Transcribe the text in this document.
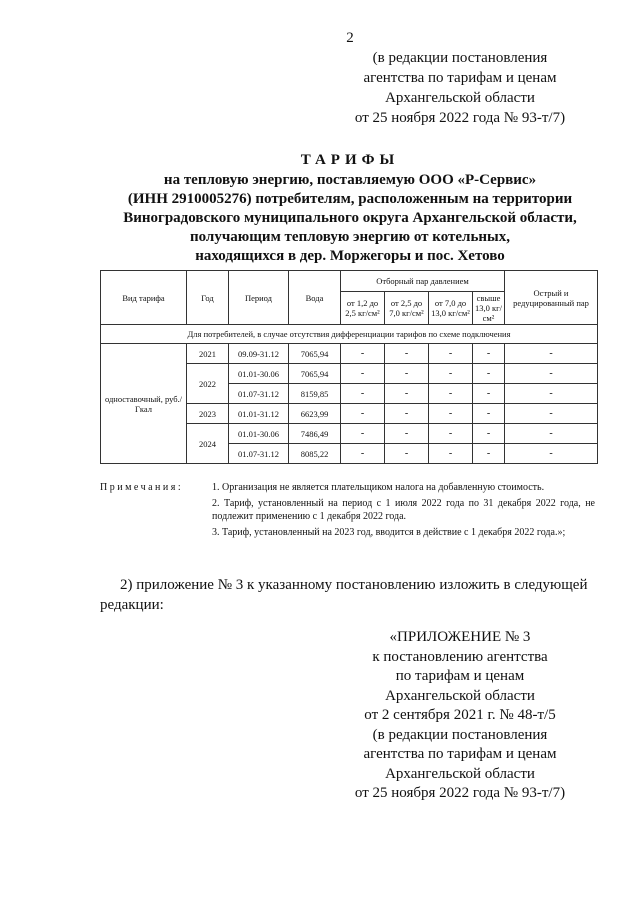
2
(в редакции постановления
агентства по тарифам и ценам
Архангельской области
от 25 ноября 2022 года № 93-т/7)
ТАРИФЫ
на тепловую энергию, поставляемую ООО «Р-Сервис»
(ИНН 2910005276) потребителям, расположенным на территории
Виноградовского муниципального округа Архангельской области,
получающим тепловую энергию от котельных,
находящихся в дер. Моржегоры и пос. Хетово
Вид тарифа	Год	Период	Вода	Отборный пар давлением				Острый и редуцированный пар
				от 1,2 до 2,5 кг/см²	от 2,5 до 7,0 кг/см²	от 7,0 до 13,0 кг/см²	свыше 13,0 кг/см²	
Для потребителей, в случае отсутствия дифференциации тарифов по схеме подключения								
одноставочный, руб./Гкал	2021	09.09-31.12	7065,94	-	-	-	-	-
	2022	01.01-30.06	7065,94	-	-	-	-	-
		01.07-31.12	8159,85	-	-	-	-	-
	2023	01.01-31.12	6623,99	-	-	-	-	-
	2024	01.01-30.06	7486,49	-	-	-	-	-
		01.07-31.12	8085,22	-	-	-	-	-
Примечания:	1. Организация не является плательщиком налога на добавленную стоимость.

2. Тариф, установленный на период с 1 июля 2022 года по 31 декабря 2022 года, не подлежит применению с 1 декабря 2022 года.

3. Тариф, установленный на 2023 год, вводится в действие с 1 декабря 2022 года.»;

2) приложение № 3 к указанному постановлению изложить в следующей
редакции:
«ПРИЛОЖЕНИЕ № 3
к постановлению агентства
по тарифам и ценам
Архангельской области
от 2 сентября 2021 г. № 48-т/5
(в редакции постановления
агентства по тарифам и ценам
Архангельской области
от 25 ноября 2022 года № 93-т/7)
